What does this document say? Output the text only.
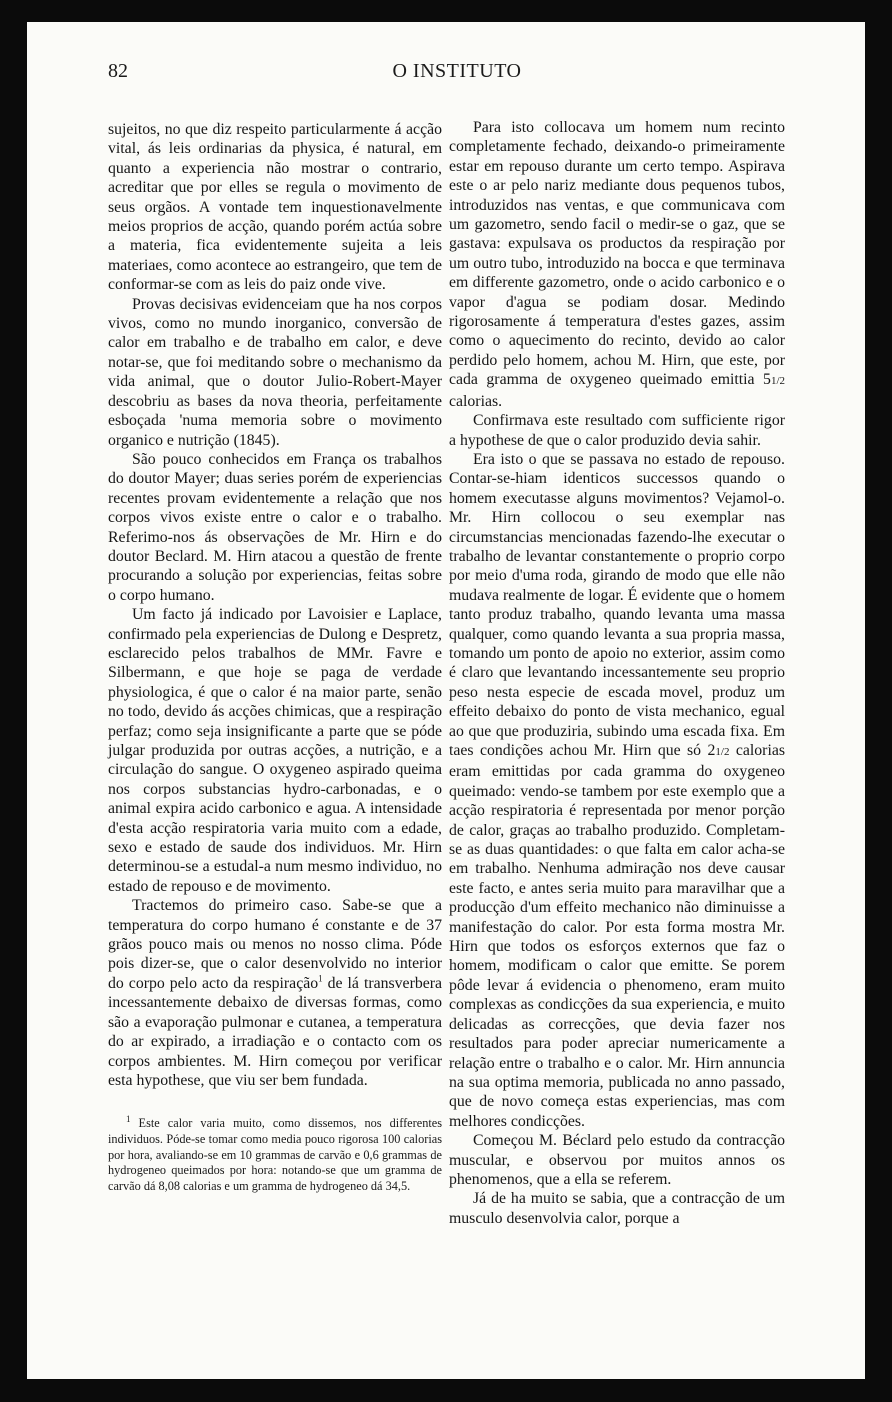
82	O INSTITUTO

sujeitos, no que diz respeito particularmente á acção vital, ás leis ordinarias da physica, é natural, em quanto a experiencia não mostrar o contrario, acreditar que por elles se regula o movimento de seus orgãos. A vontade tem inquestionavelmente meios proprios de acção, quando porém actúa sobre a materia, fica evidentemente sujeita a leis materiaes, como acontece ao estrangeiro, que tem de conformar-se com as leis do paiz onde vive.

Provas decisivas evidenceiam que ha nos corpos vivos, como no mundo inorganico, conversão de calor em trabalho e de trabalho em calor, e deve notar-se, que foi meditando sobre o mechanismo da vida animal, que o doutor Julio-Robert-Mayer descobriu as bases da nova theoria, perfeitamente esboçada 'numa memoria sobre o movimento organico e nutrição (1845).

São pouco conhecidos em França os trabalhos do doutor Mayer; duas series porém de experiencias recentes provam evidentemente a relação que nos corpos vivos existe entre o calor e o trabalho. Referimo-nos ás observações de Mr. Hirn e do doutor Beclard. M. Hirn atacou a questão de frente procurando a solução por experiencias, feitas sobre o corpo humano.

Um facto já indicado por Lavoisier e Laplace, confirmado pela experiencias de Dulong e Despretz, esclarecido pelos trabalhos de MMr. Favre e Silbermann, e que hoje se paga de verdade physiologica, é que o calor é na maior parte, senão no todo, devido ás acções chimicas, que a respiração perfaz; como seja insignificante a parte que se póde julgar produzida por outras acções, a nutrição, e a circulação do sangue. O oxygeneo aspirado queima nos corpos substancias hydro-carbonadas, e o animal expira acido carbonico e agua. A intensidade d'esta acção respiratoria varia muito com a edade, sexo e estado de saude dos individuos. Mr. Hirn determinou-se a estudal-a num mesmo individuo, no estado de repouso e de movimento.

Tractemos do primeiro caso. Sabe-se que a temperatura do corpo humano é constante e de 37 grãos pouco mais ou menos no nosso clima. Póde pois dizer-se, que o calor desenvolvido no interior do corpo pelo acto da respiração$^1$ de lá transverbera incessantemente debaixo de diversas formas, como são a evaporação pulmonar e cutanea, a temperatura do ar expirado, a irradiação e o contacto com os corpos ambientes. M. Hirn começou por verificar esta hypothese, que viu ser bem fundada.

$^1$ Este calor varia muito, como dissemos, nos differentes individuos. Póde-se tomar como media pouco rigorosa 100 calorias por hora, avaliando-se em 10 grammas de carvão e 0,6 grammas de hydrogeneo queimados por hora: notando-se que um gramma de carvão dá 8,08 calorias e um gramma de hydrogeneo dá 34,5.

Para isto collocava um homem num recinto completamente fechado, deixando-o primeiramente estar em repouso durante um certo tempo. Aspirava este o ar pelo nariz mediante dous pequenos tubos, introduzidos nas ventas, e que communicava com um gazometro, sendo facil o medir-se o gaz, que se gastava: expulsava os productos da respiração por um outro tubo, introduzido na bocca e que terminava em differente gazometro, onde o acido carbonico e o vapor d'agua se podiam dosar. Medindo rigorosamente á temperatura d'estes gazes, assim como o aquecimento do recinto, devido ao calor perdido pelo homem, achou M. Hirn, que este, por cada gramma de oxygeneo queimado emittia 51/2 calorias.

Confirmava este resultado com sufficiente rigor a hypothese de que o calor produzido devia sahir.

Era isto o que se passava no estado de repouso. Contar-se-hiam identicos successos quando o homem executasse alguns movimentos? Vejamol-o. Mr. Hirn collocou o seu exemplar nas circumstancias mencionadas fazendo-lhe executar o trabalho de levantar constantemente o proprio corpo por meio d'uma roda, girando de modo que elle não mudava realmente de logar. É evidente que o homem tanto produz trabalho, quando levanta uma massa qualquer, como quando levanta a sua propria massa, tomando um ponto de apoio no exterior, assim como é claro que levantando incessantemente seu proprio peso nesta especie de escada movel, produz um effeito debaixo do ponto de vista mechanico, egual ao que que produziria, subindo uma escada fixa. Em taes condições achou Mr. Hirn que só 21/2 calorias eram emittidas por cada gramma do oxygeneo queimado: vendo-se tambem por este exemplo que a acção respiratoria é representada por menor porção de calor, graças ao trabalho produzido. Completam-se as duas quantidades: o que falta em calor acha-se em trabalho. Nenhuma admiração nos deve causar este facto, e antes seria muito para maravilhar que a producção d'um effeito mechanico não diminuisse a manifestação do calor. Por esta forma mostra Mr. Hirn que todos os esforços externos que faz o homem, modificam o calor que emitte. Se porem pôde levar á evidencia o phenomeno, eram muito complexas as condicções da sua experiencia, e muito delicadas as correcções, que devia fazer nos resultados para poder apreciar numericamente a relação entre o trabalho e o calor. Mr. Hirn annuncia na sua optima memoria, publicada no anno passado, que de novo começa estas experiencias, mas com melhores condicções.

Começou M. Béclard pelo estudo da contracção muscular, e observou por muitos annos os phenomenos, que a ella se referem.

Já de ha muito se sabia, que a contracção de um musculo desenvolvia calor, porque a
